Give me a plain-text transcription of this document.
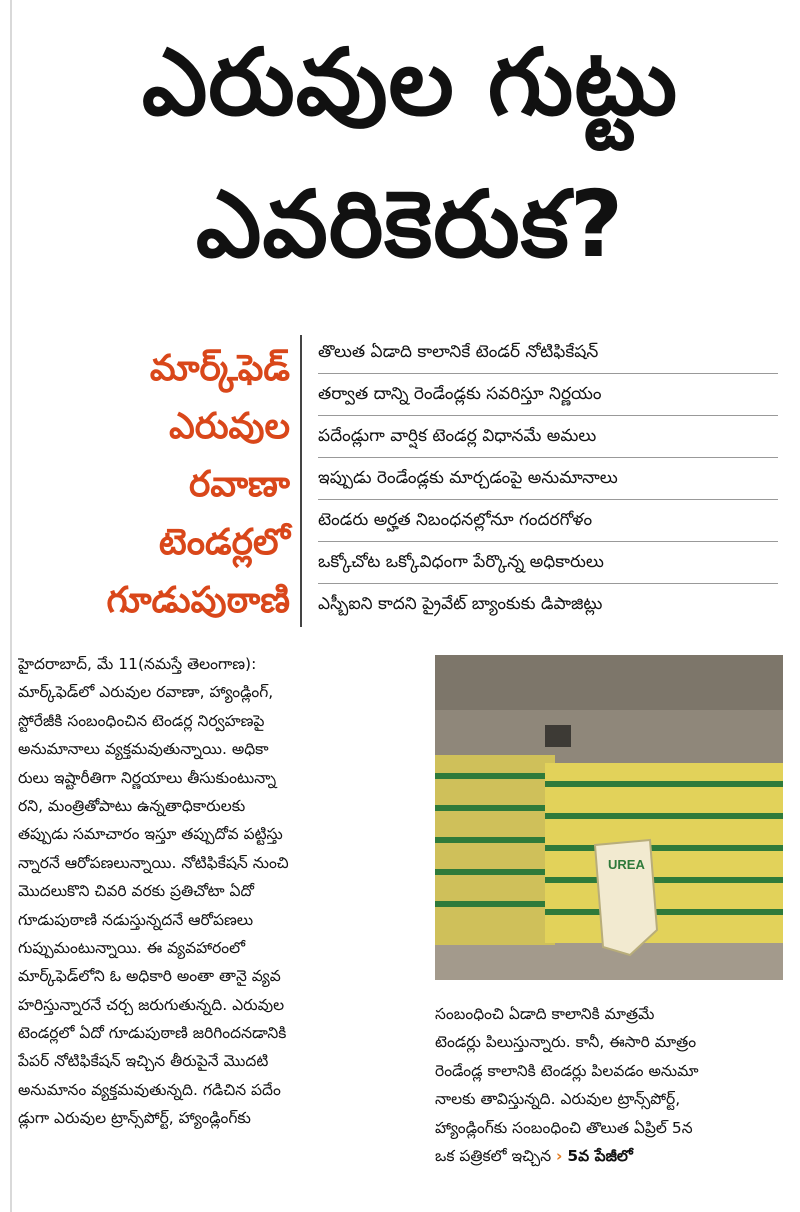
ఎరువుల గుట్టు
ఎవరికెరుక?
మార్క్‌ఫెడ్
ఎరువుల
రవాణా
టెండర్లలో
గూడుపుఠాణి
తొలుత ఏడాది కాలానికే టెండర్ నోటిఫికేషన్
తర్వాత దాన్ని రెండేండ్లకు సవరిస్తూ నిర్ణయం
పదేండ్లుగా వార్షిక టెండర్ల విధానమే అమలు
ఇప్పుడు రెండేండ్లకు మార్చడంపై అనుమానాలు
టెండరు అర్హత నిబంధనల్లోనూ గందరగోళం
ఒక్కోచోట ఒక్కోవిధంగా పేర్కొన్న అధికారులు
ఎస్బీఐని కాదని ప్రైవేట్ బ్యాంకుకు డిపాజిట్లు
హైదరాబాద్, మే 11(నమస్తే తెలంగాణ):
మార్క్‌ఫెడ్‌లో ఎరువుల రవాణా, హ్యాండ్లింగ్,
స్టోరేజీకి సంబంధించిన టెండర్ల నిర్వహణపై
అనుమానాలు వ్యక్తమవుతున్నాయి. అధికా
రులు ఇష్టారీతిగా నిర్ణయాలు తీసుకుంటున్నా
రని, మంత్రితోపాటు ఉన్నతాధికారులకు
తప్పుడు సమాచారం ఇస్తూ తప్పుదోవ పట్టిస్తు
న్నారనే ఆరోపణలున్నాయి. నోటిఫికేషన్ నుంచి
మొదలుకొని చివరి వరకు ప్రతిచోటా ఏదో
గూడుపుఠాణి నడుస్తున్నదనే ఆరోపణలు
గుప్పుమంటున్నాయి. ఈ వ్యవహారంలో
మార్క్‌ఫెడ్‌లోని ఓ అధికారి అంతా తానై వ్యవ
హరిస్తున్నారనే చర్చ జరుగుతున్నది. ఎరువుల
టెండర్లలో ఏదో గూడుపుఠాణి జరిగిందనడానికి
పేపర్ నోటిఫికేషన్ ఇచ్చిన తీరుపైనే మొదటి
అనుమానం వ్యక్తమవుతున్నది. గడిచిన పదేం
డ్లుగా ఎరువుల ట్రాన్స్‌పోర్ట్, హ్యాండ్లింగ్‌కు
UREA
సంబంధించి ఏడాది కాలానికి మాత్రమే
టెండర్లు పిలుస్తున్నారు. కానీ, ఈసారి మాత్రం
రెండేండ్ల కాలానికి టెండర్లు పిలవడం అనుమా
నాలకు తావిస్తున్నది. ఎరువుల ట్రాన్స్‌పోర్ట్,
హ్యాండ్లింగ్‌కు సంబంధించి తొలుత ఏప్రిల్ 5న
ఒక పత్రికలో ఇచ్చిన › 5వ పేజీలో
